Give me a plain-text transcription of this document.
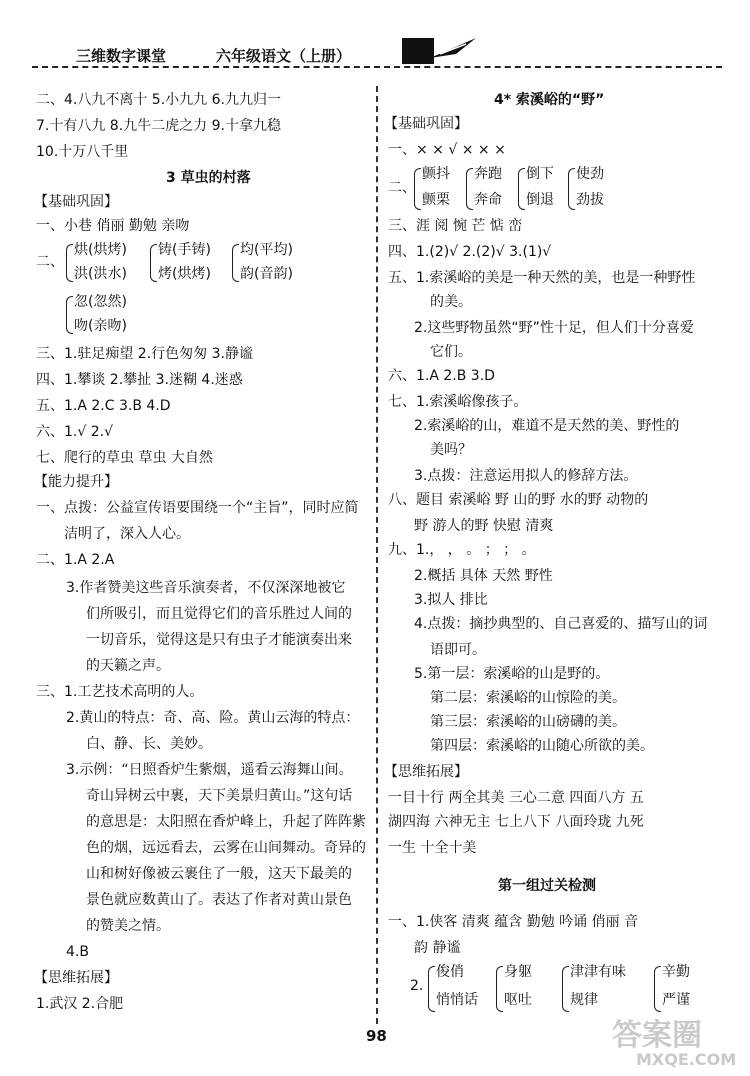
三维数字课堂	六年级语文（上册）
二、4.八九不离十 5.小九九 6.九九归一
7.十有八九 8.九牛二虎之力 9.十拿九稳
10.十万八千里
3 草虫的村落
【基础巩固】
一、小巷 俏丽 勤勉 亲吻
二、
烘(烘烤)
洪(洪水)
铸(手铸)
烤(烘烤)
均(平均)
韵(音韵)
忽(忽然)
吻(亲吻)
三、1.驻足痴望 2.行色匆匆 3.静谧
四、1.攀谈 2.攀扯 3.迷糊 4.迷惑
五、1.A 2.C 3.B 4.D
六、1.√ 2.√
七、爬行的草虫 草虫 大自然
【能力提升】
一、点拨：公益宣传语要围绕一个“主旨”，同时应简
洁明了，深入人心。
二、1.A 2.A
3.作者赞美这些音乐演奏者，不仅深深地被它
们所吸引，而且觉得它们的音乐胜过人间的
一切音乐，觉得这是只有虫子才能演奏出来
的天籁之声。
三、1.工艺技术高明的人。
2.黄山的特点：奇、高、险。黄山云海的特点：
白、静、长、美妙。
3.示例：“日照香炉生紫烟，遥看云海舞山间。
奇山异树云中裹，天下美景归黄山。”这句话
的意思是：太阳照在香炉峰上，升起了阵阵紫
色的烟，远远看去，云雾在山间舞动。奇异的
山和树好像被云裹住了一般，这天下最美的
景色就应数黄山了。表达了作者对黄山景色
的赞美之情。
4.B
【思维拓展】
1.武汉 2.合肥
4* 索溪峪的“野”
【基础巩固】
一、× × √ × × ×
二、
颤抖
颤栗
奔跑
奔命
倒下
倒退
使劲
劲拔
三、涯 阅 惋 芒 惦 峦
四、1.(2)√ 2.(2)√ 3.(1)√
五、1.索溪峪的美是一种天然的美，也是一种野性
的美。
2.这些野物虽然“野”性十足，但人们十分喜爱
它们。
六、1.A 2.B 3.D
七、1.索溪峪像孩子。
2.索溪峪的山，难道不是天然的美、野性的
美吗？
3.点拨：注意运用拟人的修辞方法。
八、题目 索溪峪 野 山的野 水的野 动物的
野 游人的野 快慰 清爽
九、1.， ， 。 ； ； 。
2.概括 具体 天然 野性
3.拟人 排比
4.点拨：摘抄典型的、自己喜爱的、描写山的词
语即可。
5.第一层：索溪峪的山是野的。
第二层：索溪峪的山惊险的美。
第三层：索溪峪的山磅礴的美。
第四层：索溪峪的山随心所欲的美。
【思维拓展】
一目十行 两全其美 三心二意 四面八方 五
湖四海 六神无主 七上八下 八面玲珑 九死
一生 十全十美
第一组过关检测
一、1.侠客 清爽 蕴含 勤勉 吟诵 俏丽 音
韵 静谧
2.
俊俏
悄悄话
身躯
呕吐
津津有味
规律
辛勤
严谨
98	答案圈
MXQE.COM
